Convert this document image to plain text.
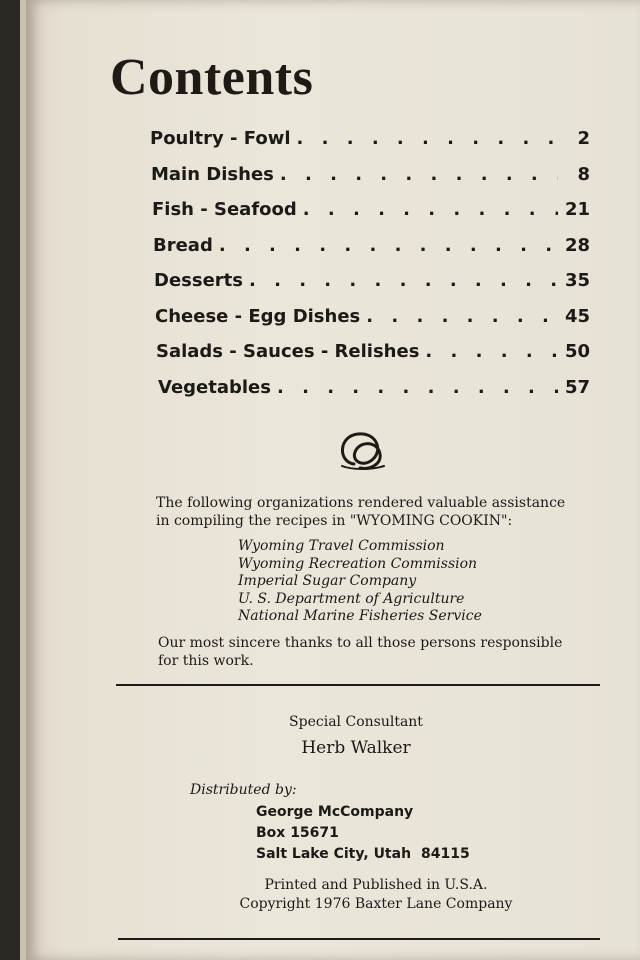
Contents
Poultry - Fowl . . .	2
Main Dishes . . .	8
Fish - Seafood . . .	21
Bread . . .	28
Desserts . . .	35
Cheese - Egg Dishes . . .	45
Salads - Sauces - Relishes . . .	50
Vegetables . . .	57
The following organizations rendered valuable assistance
in compiling the recipes in "WYOMING COOKIN":
Wyoming Travel Commission
Wyoming Recreation Commission
Imperial Sugar Company
U. S. Department of Agriculture
National Marine Fisheries Service
Our most sincere thanks to all those persons responsible
for this work.
Special Consultant
Herb Walker
Distributed by:
George McCompany
Box 15671
Salt Lake City, Utah 84115
Printed and Published in U.S.A.
Copyright 1976 Baxter Lane Company
